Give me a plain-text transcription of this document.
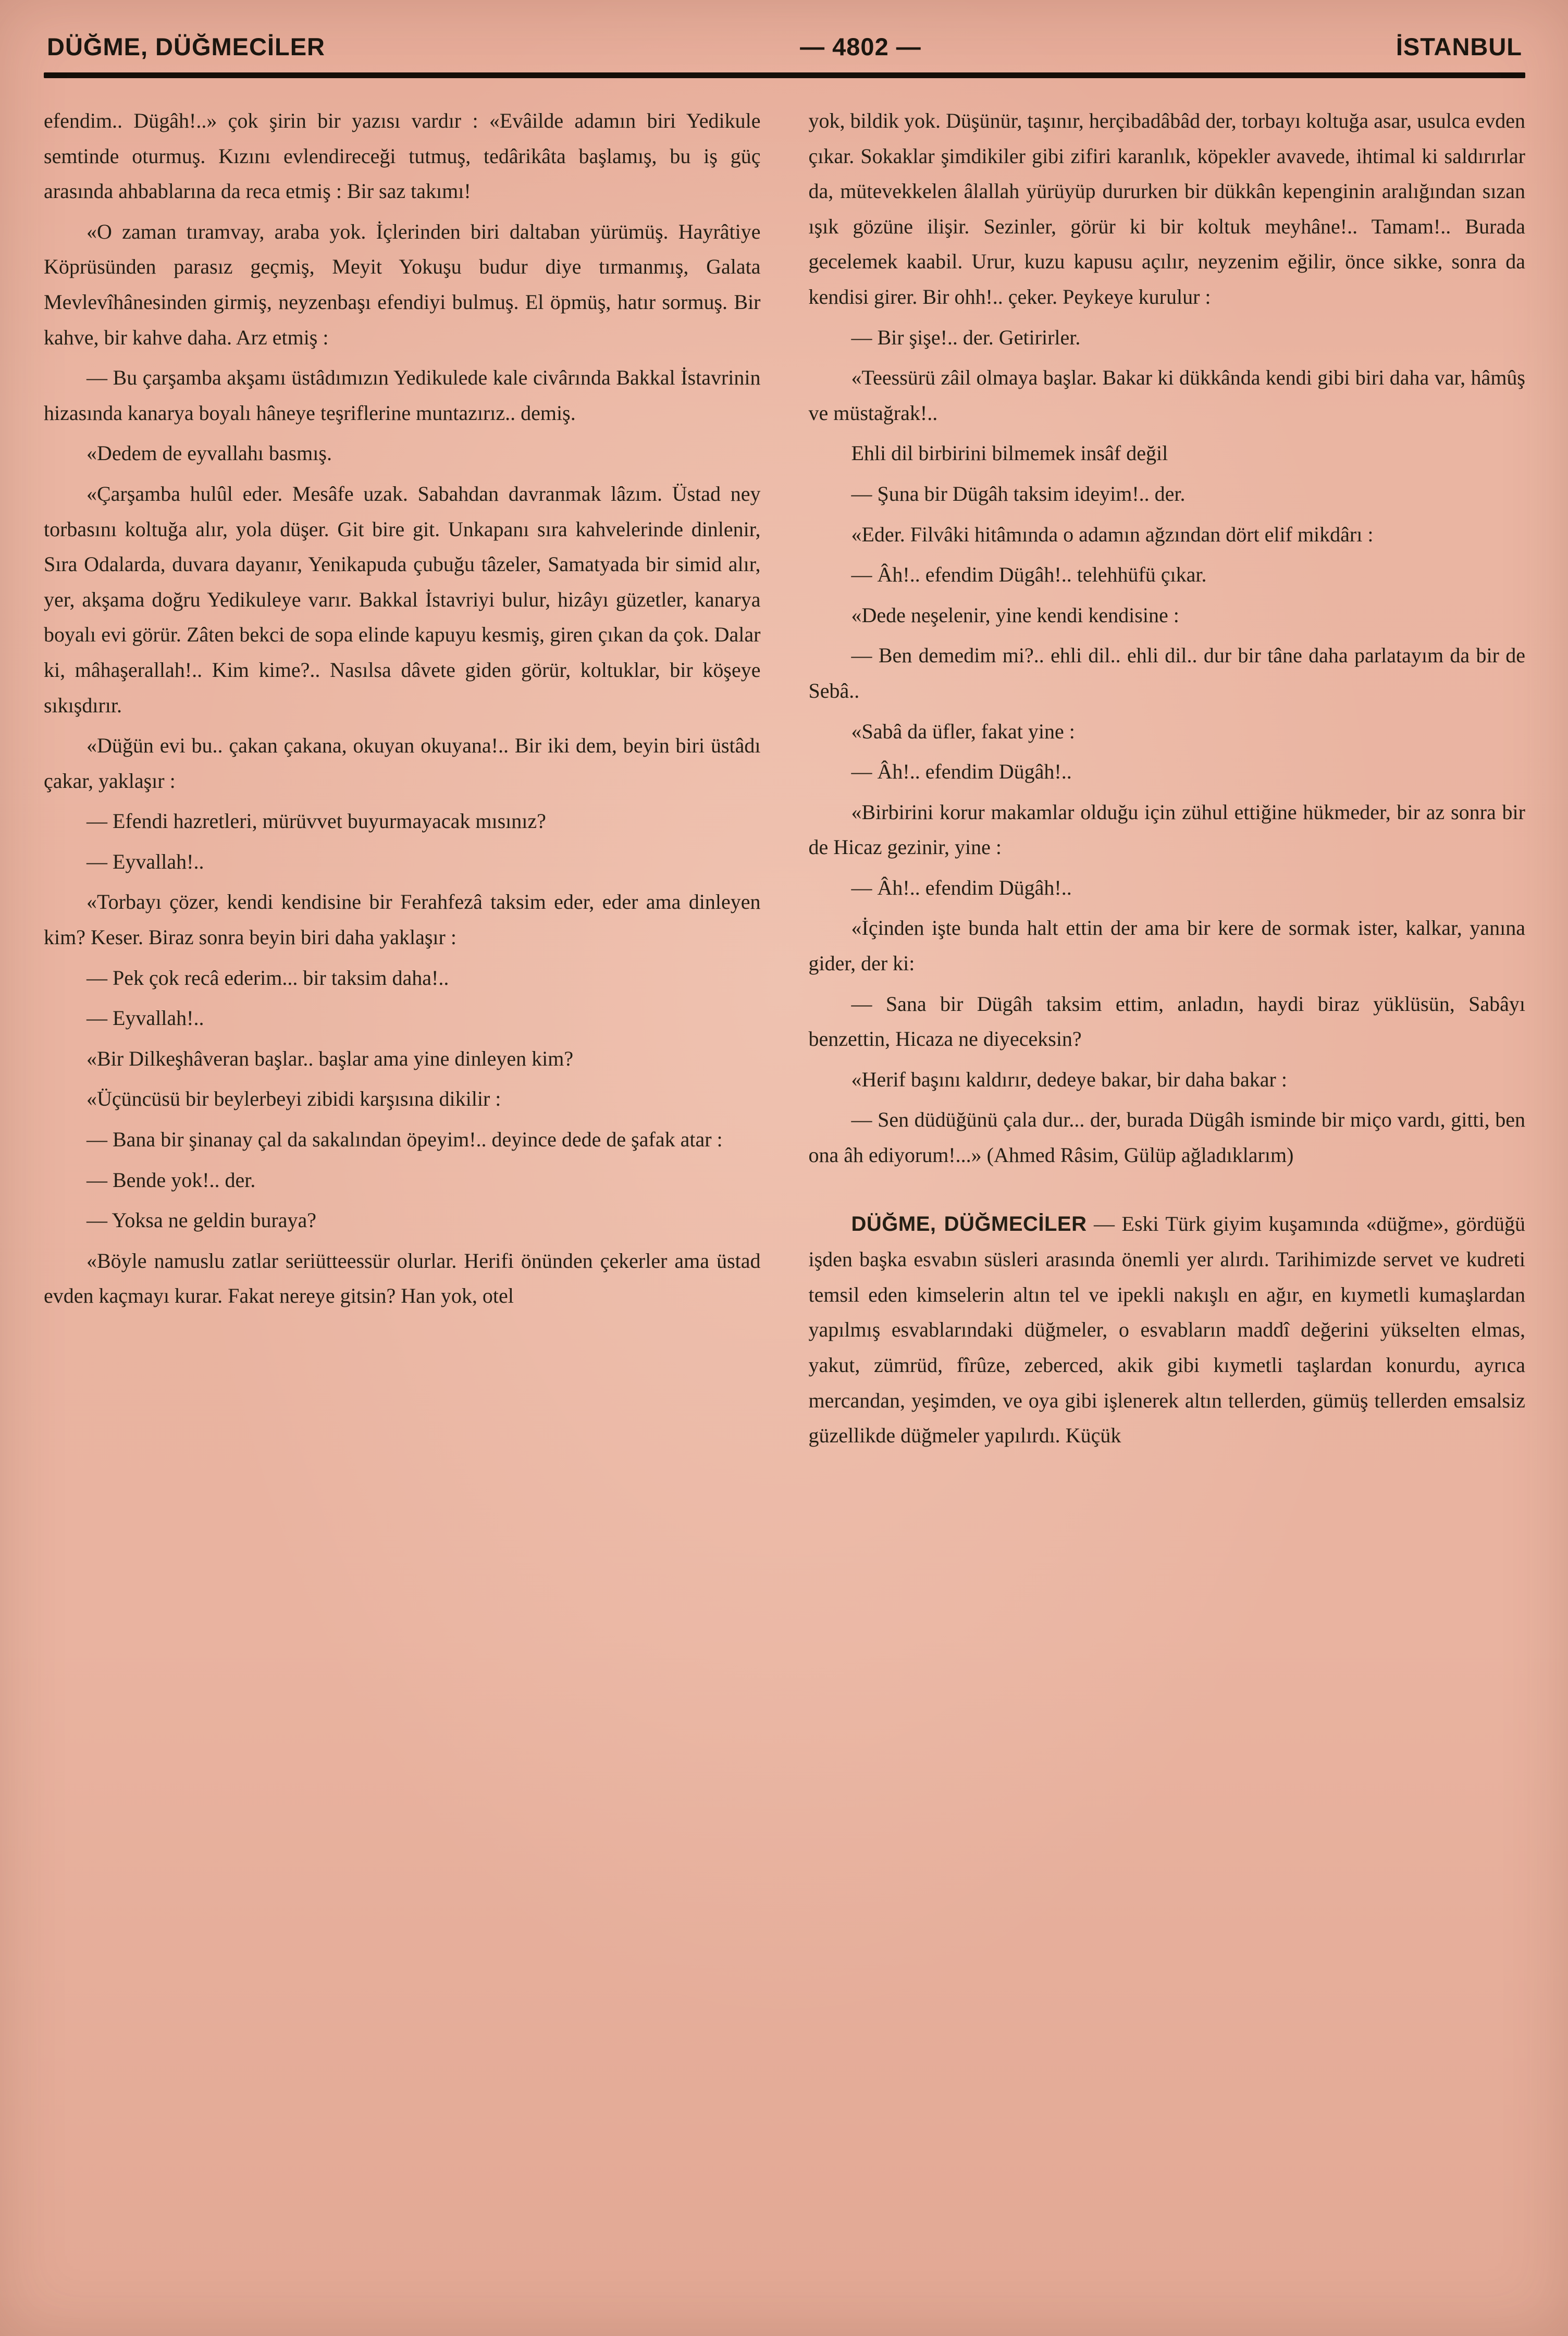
DÜĞME, DÜĞMECİLER	— 4802 —	İSTANBUL

efendim.. Dügâh!..» çok şirin bir yazısı vardır : «Evâilde adamın biri Yedikule semtinde oturmuş. Kızını evlendireceği tutmuş, tedârikâta başlamış, bu iş güç arasında ahbablarına da reca etmiş : Bir saz takımı!

«O zaman tıramvay, araba yok. İçlerinden biri daltaban yürümüş. Hayrâtiye Köprüsünden parasız geçmiş, Meyit Yokuşu budur diye tırmanmış, Galata Mevlevîhânesinden girmiş, neyzenbaşı efendiyi bulmuş. El öpmüş, hatır sormuş. Bir kahve, bir kahve daha. Arz etmiş :

— Bu çarşamba akşamı üstâdımızın Yedikulede kale civârında Bakkal İstavrinin hizasında kanarya boyalı hâneye teşriflerine muntazırız.. demiş.

«Dedem de eyvallahı basmış.

«Çarşamba hulûl eder. Mesâfe uzak. Sabahdan davranmak lâzım. Üstad ney torbasını koltuğa alır, yola düşer. Git bire git. Unkapanı sıra kahvelerinde dinlenir, Sıra Odalarda, duvara dayanır, Yenikapuda çubuğu tâzeler, Samatyada bir simid alır, yer, akşama doğru Yedikuleye varır. Bakkal İstavriyi bulur, hizâyı güzetler, kanarya boyalı evi görür. Zâten bekci de sopa elinde kapuyu kesmiş, giren çıkan da çok. Dalar ki, mâhaşerallah!.. Kim kime?.. Nasılsa dâvete giden görür, koltuklar, bir köşeye sıkışdırır.

«Düğün evi bu.. çakan çakana, okuyan okuyana!.. Bir iki dem, beyin biri üstâdı çakar, yaklaşır :

— Efendi hazretleri, mürüvvet buyurmayacak mısınız?

— Eyvallah!..

«Torbayı çözer, kendi kendisine bir Ferahfezâ taksim eder, eder ama dinleyen kim? Keser. Biraz sonra beyin biri daha yaklaşır :

— Pek çok recâ ederim... bir taksim daha!..

— Eyvallah!..

«Bir Dilkeşhâveran başlar.. başlar ama yine dinleyen kim?

«Üçüncüsü bir beylerbeyi zibidi karşısına dikilir :

— Bana bir şinanay çal da sakalından öpeyim!.. deyince dede de şafak atar :

— Bende yok!.. der.

— Yoksa ne geldin buraya?

«Böyle namuslu zatlar seriütteessür olurlar. Herifi önünden çekerler ama üstad evden kaçmayı kurar. Fakat nereye gitsin? Han yok, otel

yok, bildik yok. Düşünür, taşınır, herçibadâbâd der, torbayı koltuğa asar, usulca evden çıkar. Sokaklar şimdikiler gibi zifiri karanlık, köpekler avavede, ihtimal ki saldırırlar da, mütevekkelen âlallah yürüyüp dururken bir dükkân kepenginin aralığından sızan ışık gözüne ilişir. Sezinler, görür ki bir koltuk meyhâne!.. Tamam!.. Burada gecelemek kaabil. Urur, kuzu kapusu açılır, neyzenim eğilir, önce sikke, sonra da kendisi girer. Bir ohh!.. çeker. Peykeye kurulur :

— Bir şişe!.. der. Getirirler.

«Teessürü zâil olmaya başlar. Bakar ki dükkânda kendi gibi biri daha var, hâmûş ve müstağrak!..

Ehli dil birbirini bilmemek insâf değil

— Şuna bir Dügâh taksim ideyim!.. der.

«Eder. Filvâki hitâmında o adamın ağzından dört elif mikdârı :

— Âh!.. efendim Dügâh!.. telehhüfü çıkar.

«Dede neşelenir, yine kendi kendisine :

— Ben demedim mi?.. ehli dil.. ehli dil.. dur bir tâne daha parlatayım da bir de Sebâ..

«Sabâ da üfler, fakat yine :

— Âh!.. efendim Dügâh!..

«Birbirini korur makamlar olduğu için zühul ettiğine hükmeder, bir az sonra bir de Hicaz gezinir, yine :

— Âh!.. efendim Dügâh!..

«İçinden işte bunda halt ettin der ama bir kere de sormak ister, kalkar, yanına gider, der ki:

— Sana bir Dügâh taksim ettim, anladın, haydi biraz yüklüsün, Sabâyı benzettin, Hicaza ne diyeceksin?

«Herif başını kaldırır, dedeye bakar, bir daha bakar :

— Sen düdüğünü çala dur... der, burada Dügâh isminde bir miço vardı, gitti, ben ona âh ediyorum!...» (Ahmed Râsim, Gülüp ağladıklarım)

DÜĞME, DÜĞMECİLER — Eski Türk giyim kuşamında «düğme», gördüğü işden başka esvabın süsleri arasında önemli yer alırdı. Tarihimizde servet ve kudreti temsil eden kimselerin altın tel ve ipekli nakışlı en ağır, en kıymetli kumaşlardan yapılmış esvablarındaki düğmeler, o esvabların maddî değerini yükselten elmas, yakut, zümrüd, fîrûze, zeberced, akik gibi kıymetli taşlardan konurdu, ayrıca mercandan, yeşimden, ve oya gibi işlenerek altın tellerden, gümüş tellerden emsalsiz güzellikde düğmeler yapılırdı. Küçük
